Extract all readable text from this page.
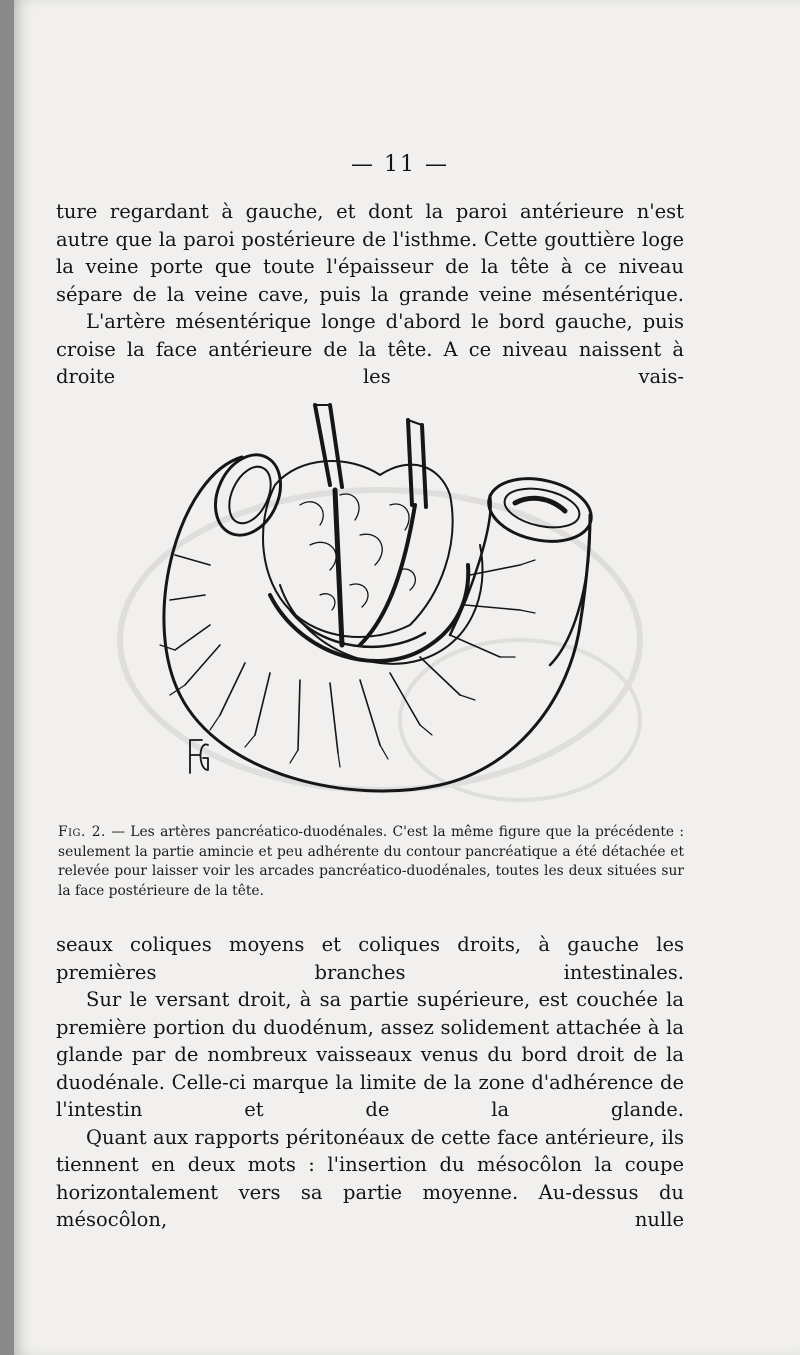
— 11 —

ture regardant à gauche, et dont la paroi antérieure n'est autre que la paroi postérieure de l'isthme. Cette gouttière loge la veine porte que toute l'épaisseur de la tête à ce niveau sépare de la veine cave, puis la grande veine mésentérique.

L'artère mésentérique longe d'abord le bord gauche, puis croise la face antérieure de la tête. A ce niveau naissent à droite les vais-

Fig. 2. — Les artères pancréatico-duodénales. C'est la même figure que la précédente : seulement la partie amincie et peu adhérente du contour pancréatique a été détachée et relevée pour laisser voir les arcades pancréatico-duodénales, toutes les deux situées sur la face postérieure de la tête.

seaux coliques moyens et coliques droits, à gauche les premières branches intestinales.

Sur le versant droit, à sa partie supérieure, est couchée la première portion du duodénum, assez solidement attachée à la glande par de nombreux vaisseaux venus du bord droit de la duodénale. Celle-ci marque la limite de la zone d'adhérence de l'intestin et de la glande.

Quant aux rapports péritonéaux de cette face antérieure, ils tiennent en deux mots : l'insertion du mésocôlon la coupe horizontalement vers sa partie moyenne. Au-dessus du mésocôlon, nulle
